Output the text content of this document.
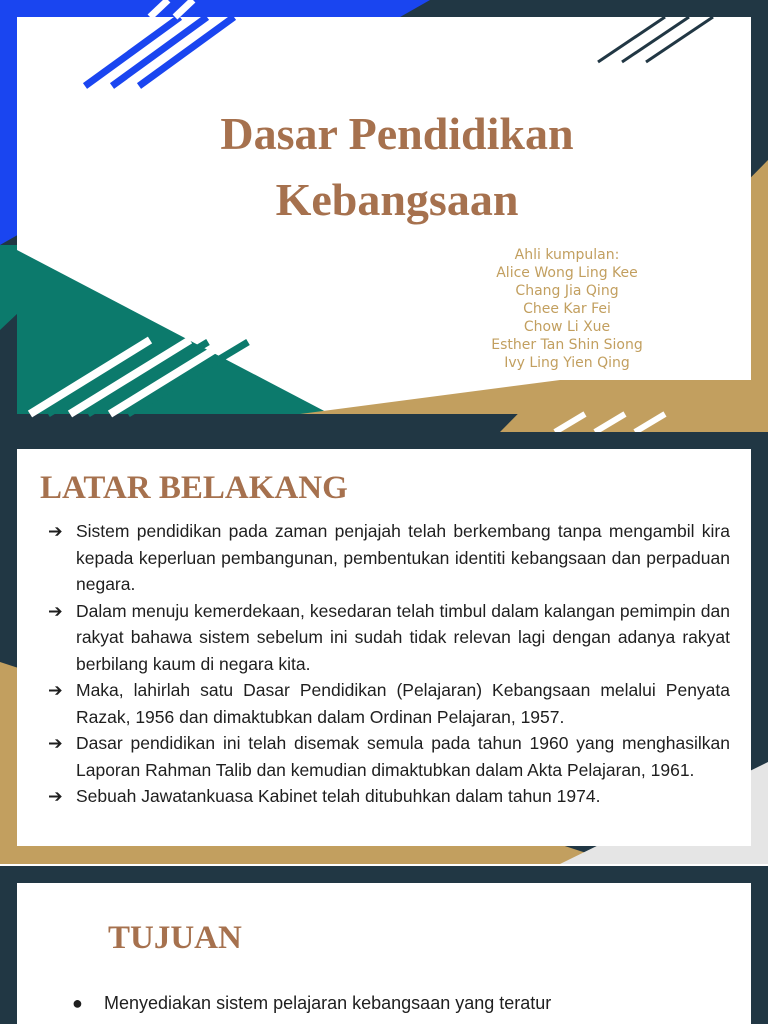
Dasar Pendidikan
Kebangsaan
Ahli kumpulan:
Alice Wong Ling Kee
Chang Jia Qing
Chee Kar Fei
Chow Li Xue
Esther Tan Shin Siong
Ivy Ling Yien Qing
LATAR BELAKANG
➔ Sistem pendidikan pada zaman penjajah telah berkembang tanpa mengambil kira kepada keperluan pembangunan, pembentukan identiti kebangsaan dan perpaduan negara.
➔ Dalam menuju kemerdekaan, kesedaran telah timbul dalam kalangan pemimpin dan rakyat bahawa sistem sebelum ini sudah tidak relevan lagi dengan adanya rakyat berbilang kaum di negara kita.
➔ Maka, lahirlah satu Dasar Pendidikan (Pelajaran) Kebangsaan melalui Penyata Razak, 1956 dan dimaktubkan dalam Ordinan Pelajaran, 1957.
➔ Dasar pendidikan ini telah disemak semula pada tahun 1960 yang menghasilkan Laporan Rahman Talib dan kemudian dimaktubkan dalam Akta Pelajaran, 1961.
➔ Sebuah Jawatankuasa Kabinet telah ditubuhkan dalam tahun 1974.
TUJUAN
● Menyediakan sistem pelajaran kebangsaan yang teratur
